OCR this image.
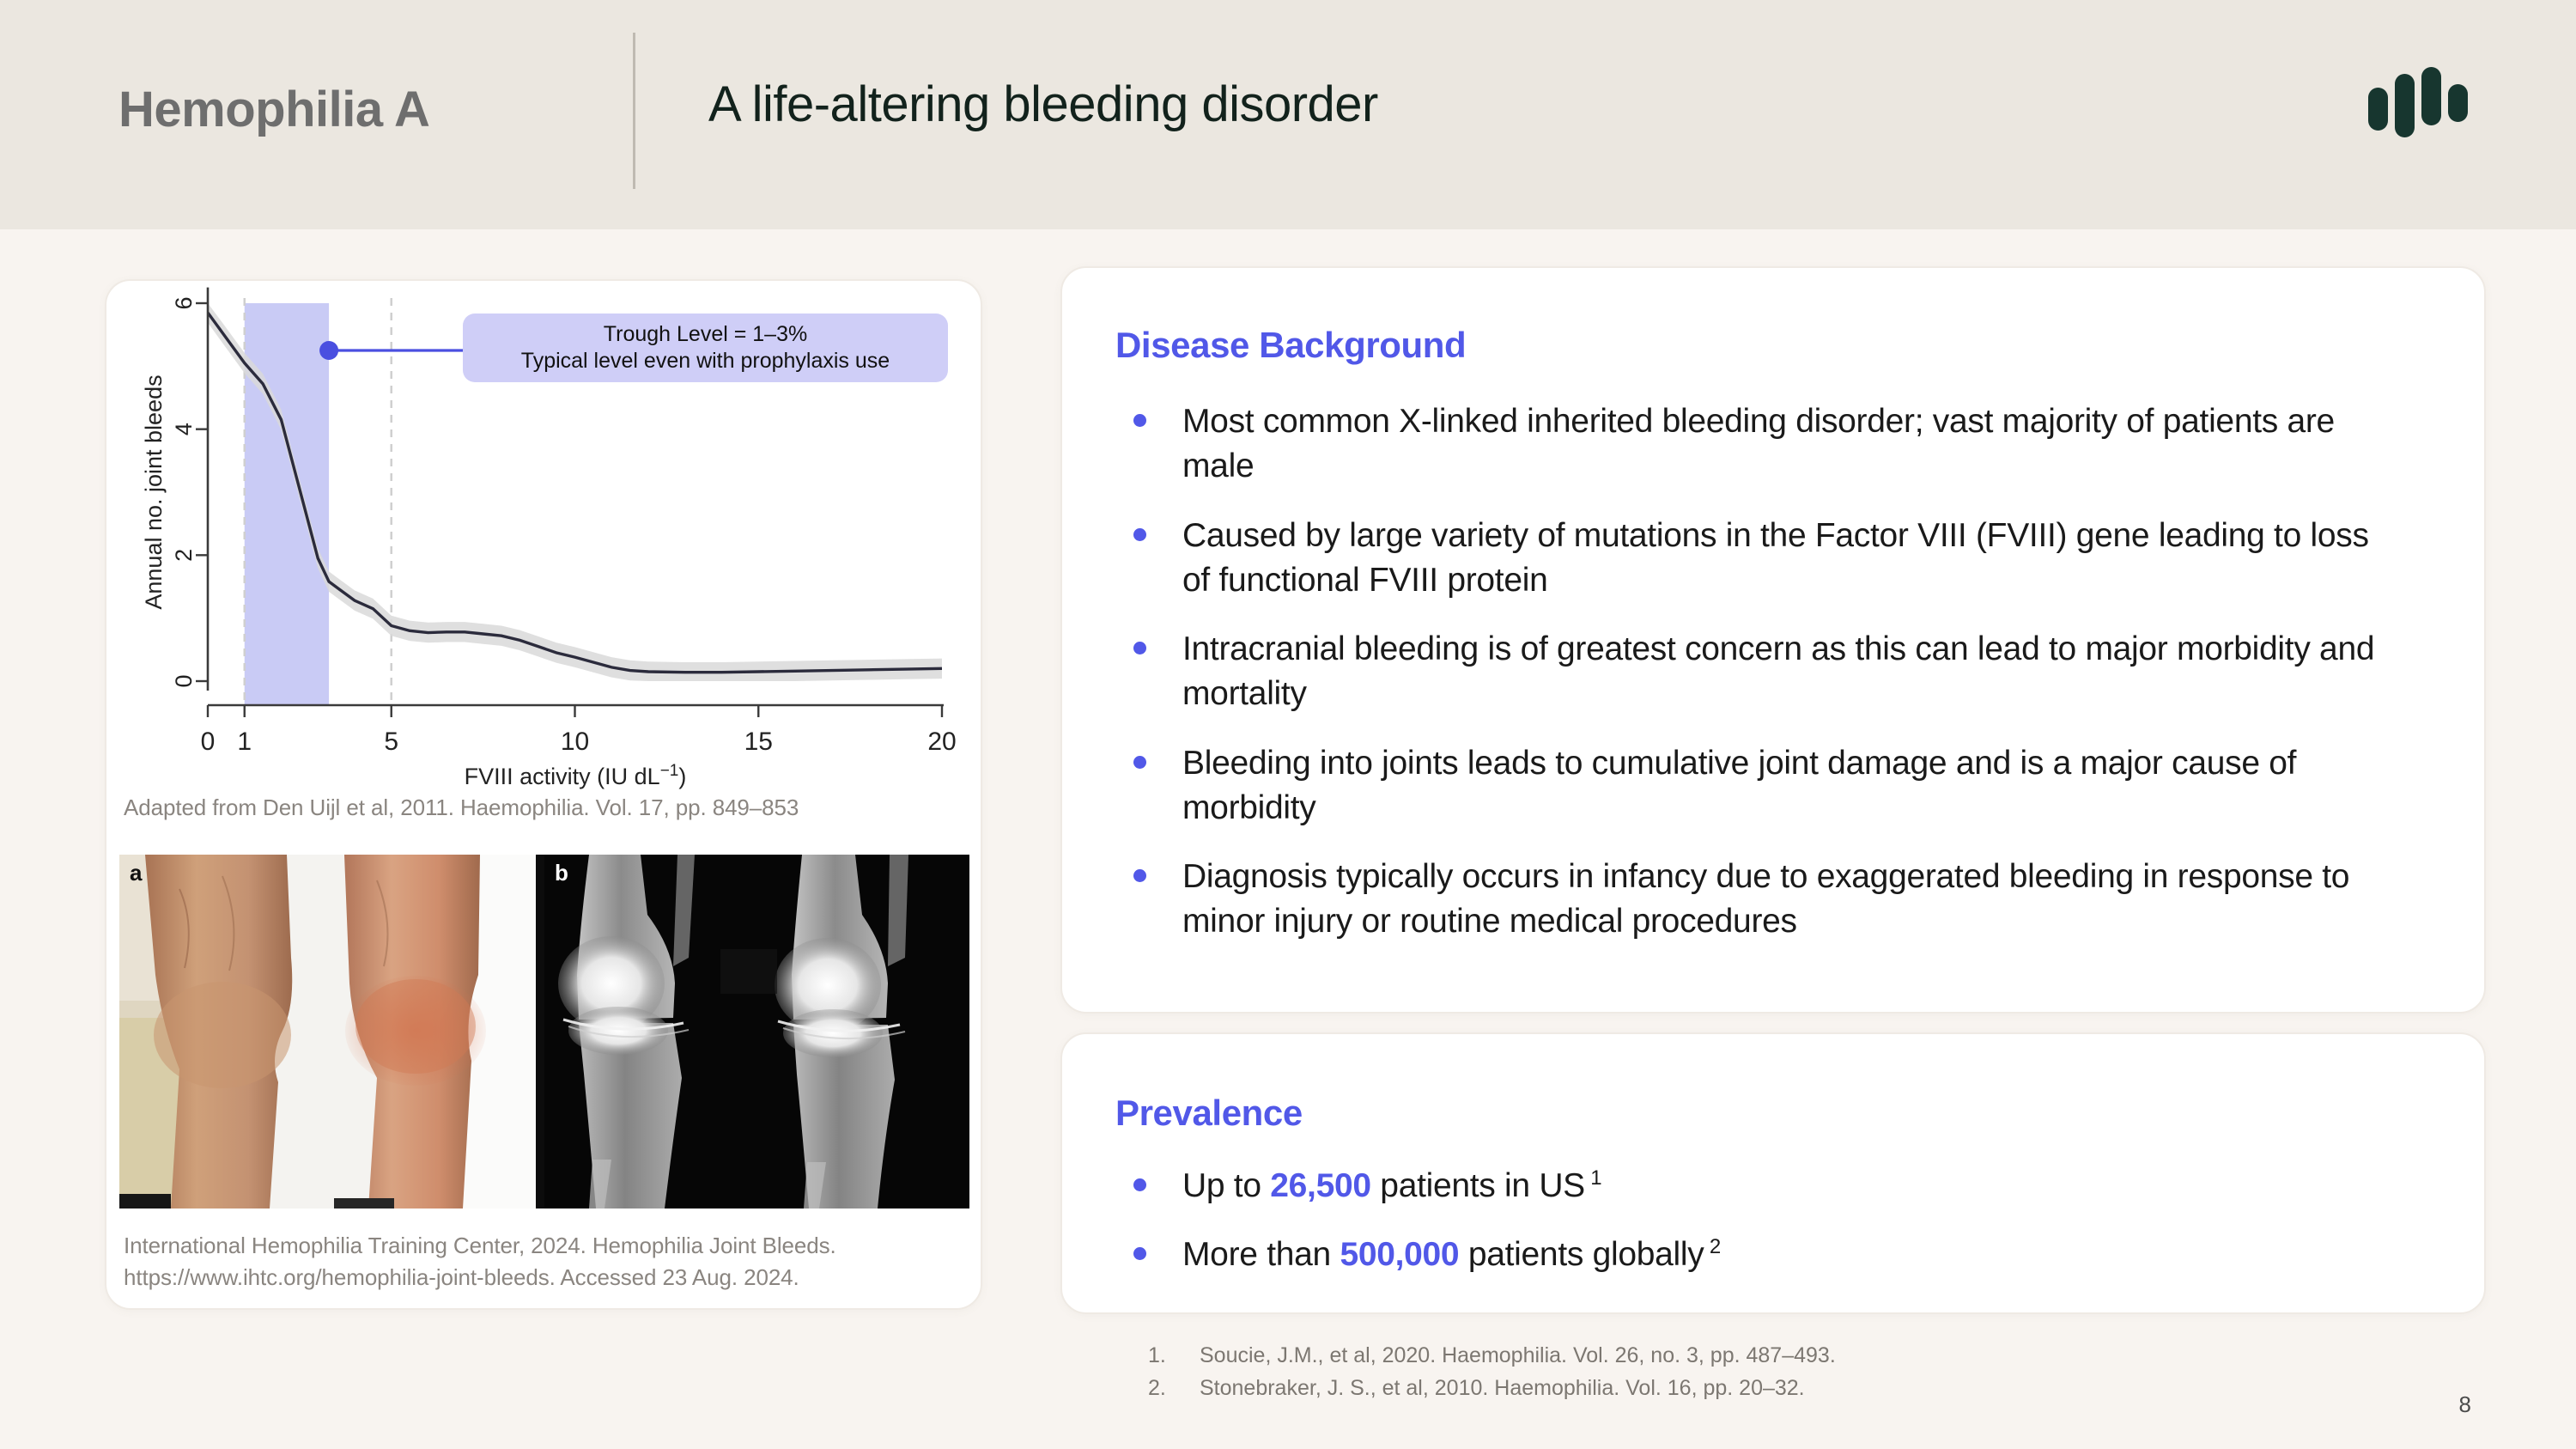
Hemophilia A	A life-altering bleeding disorder
0
2
4
6
0 1	5	10	15	20
Annual no. joint bleeds
FVIII activity (IU $dL^{-1}$)
Trough Level = 1–3%
Typical level even with prophylaxis use
Adapted from Den Uijl et al, 2011. Haemophilia. Vol. 17, pp. 849–853
a	b
International Hemophilia Training Center, 2024. Hemophilia Joint Bleeds.
https://www.ihtc.org/hemophilia-joint-bleeds. Accessed 23 Aug. 2024.
Disease Background
Most common X-linked inherited bleeding disorder; vast majority of patients are male
Caused by large variety of mutations in the Factor VIII (FVIII) gene leading to loss of functional FVIII protein
Intracranial bleeding is of greatest concern as this can lead to major morbidity and mortality
Bleeding into joints leads to cumulative joint damage and is a major cause of morbidity
Diagnosis typically occurs in infancy due to exaggerated bleeding in response to minor injury or routine medical procedures
Prevalence
Up to 26,500 patients in US $^1$
More than 500,000 patients globally $^2$
1.	Soucie, J.M., et al, 2020. Haemophilia. Vol. 26, no. 3, pp. 487–493.
2.	Stonebraker, J. S., et al, 2010. Haemophilia. Vol. 16, pp. 20–32.
8
